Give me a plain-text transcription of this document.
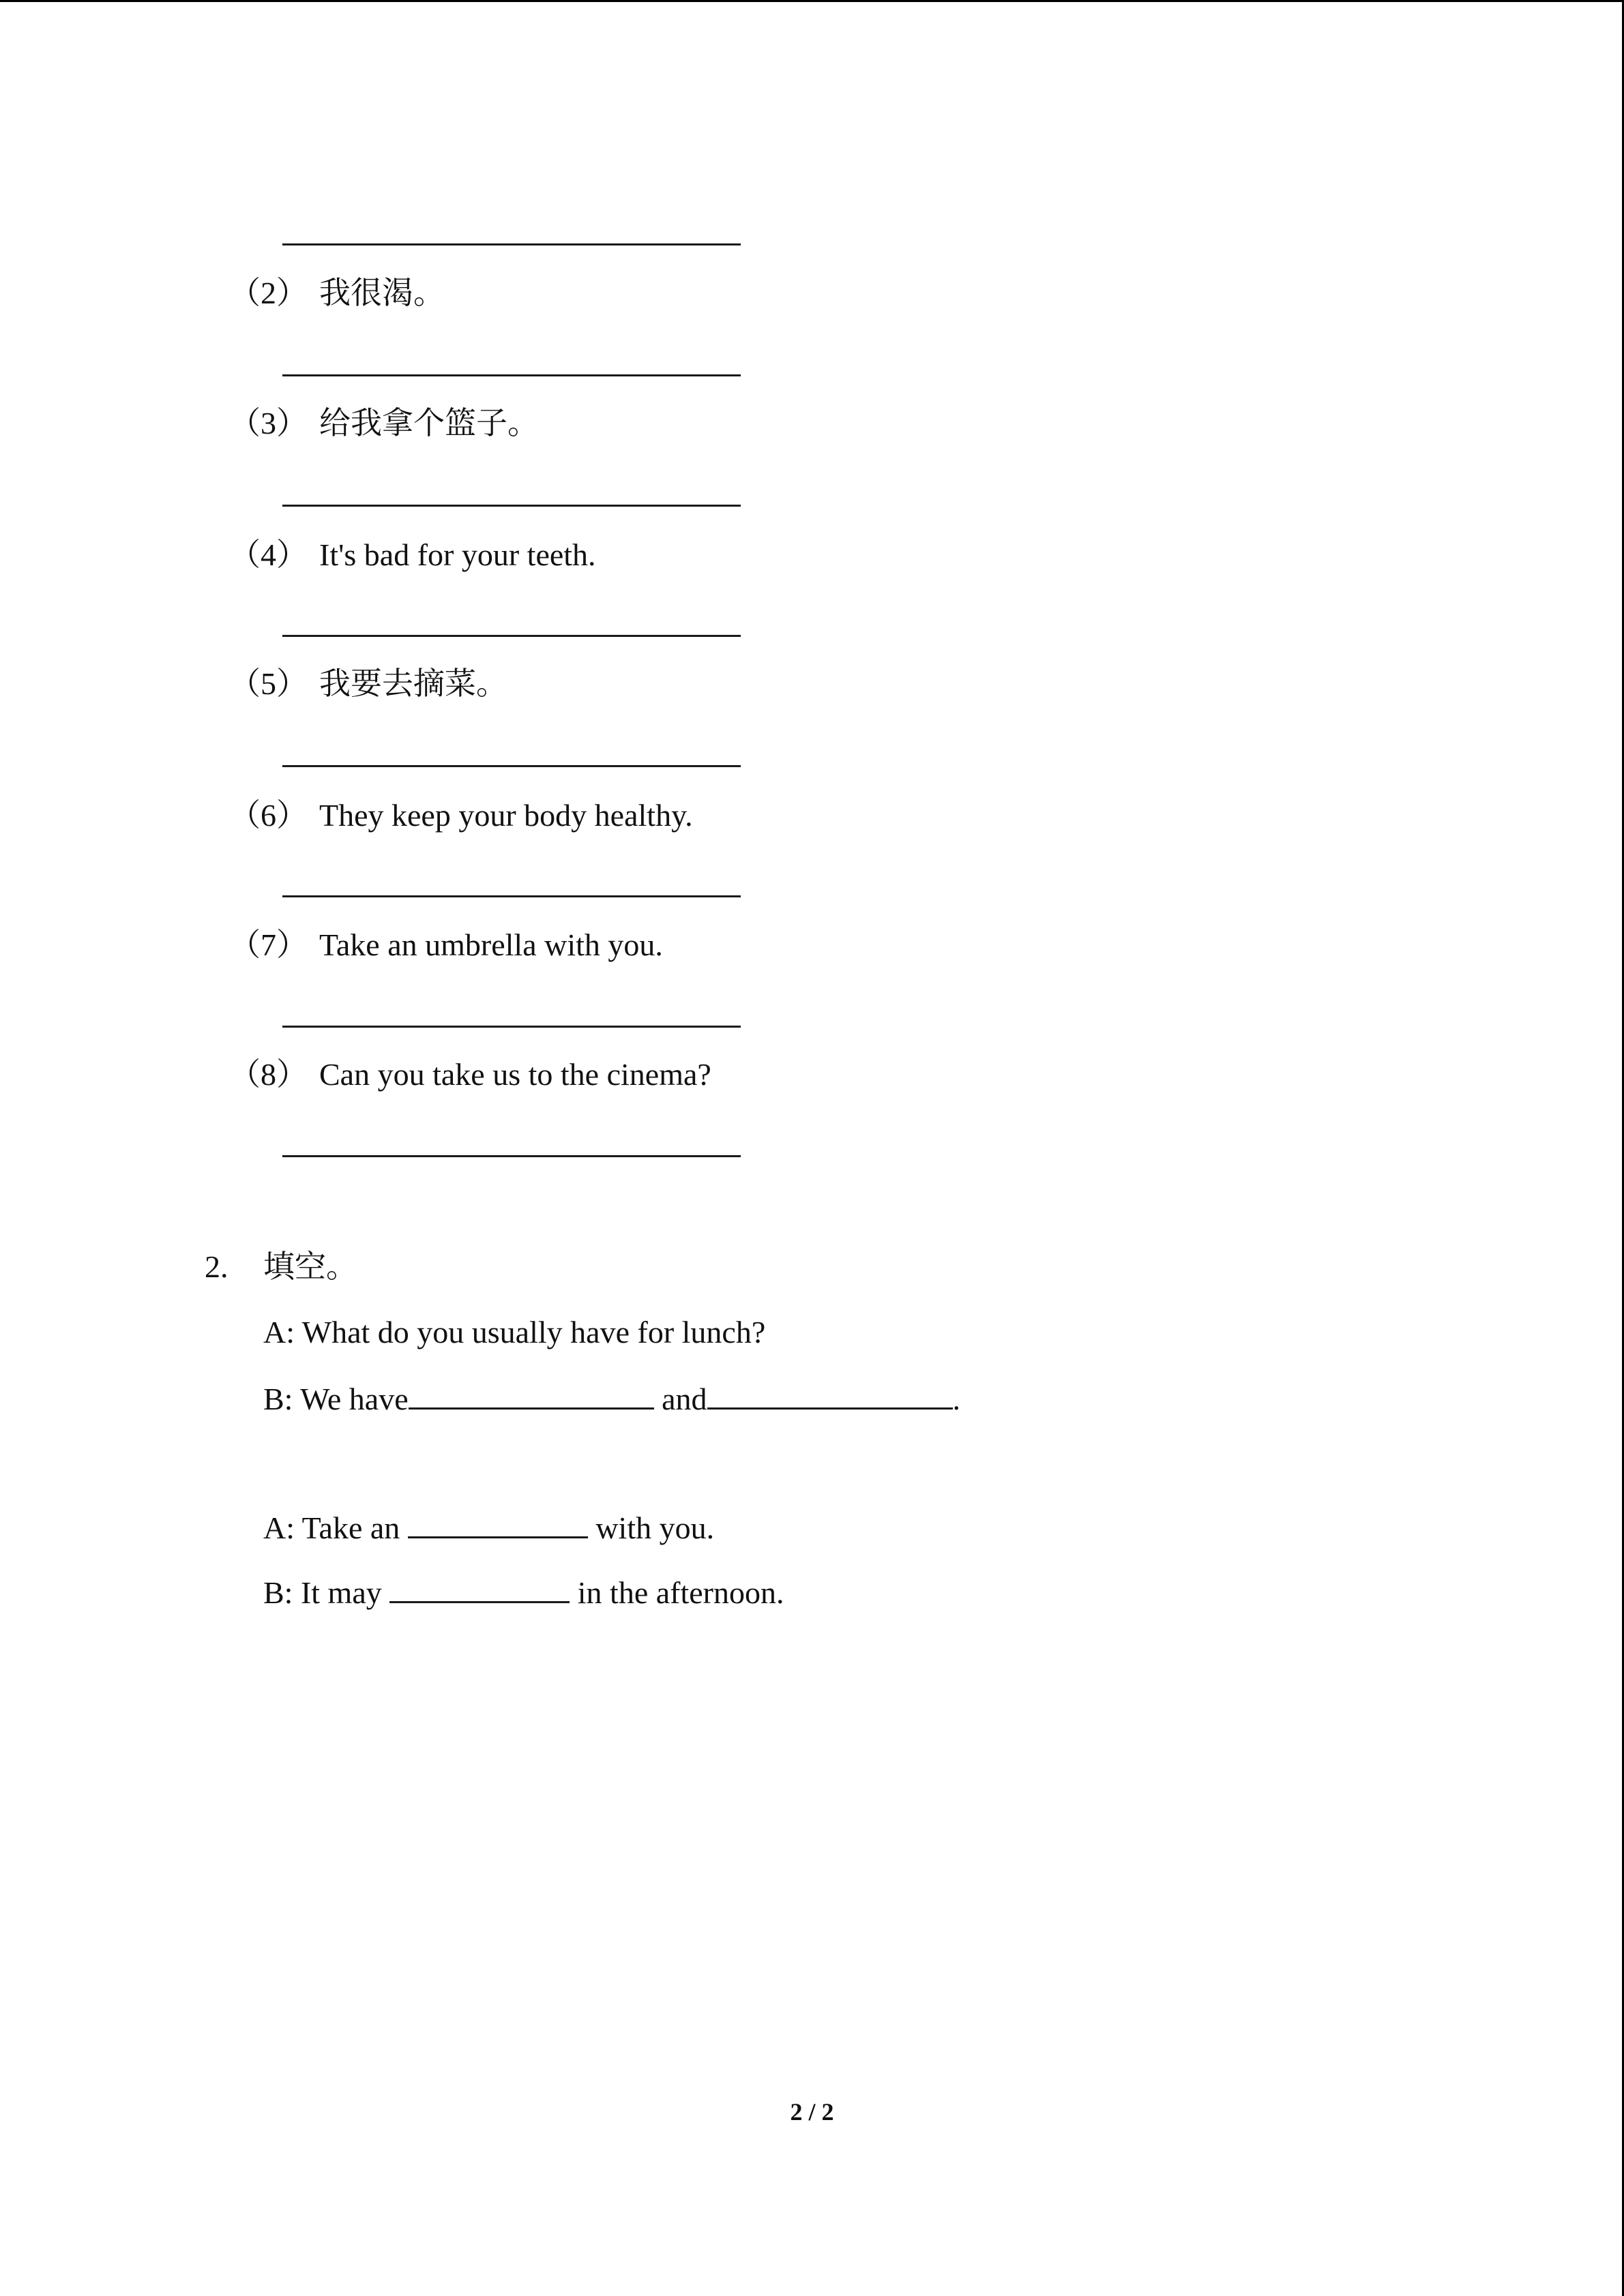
（2） 我很渴。
（3） 给我拿个篮子。
（4） It's bad for your teeth.
（5） 我要去摘菜。
（6） They keep your body healthy.
（7） Take an umbrella with you.
（8） Can you take us to the cinema?
2. 填空。
A: What do you usually have for lunch?
B: We have	and	.
A: Take an	with you.
B: It may	in the afternoon.
2 / 2
